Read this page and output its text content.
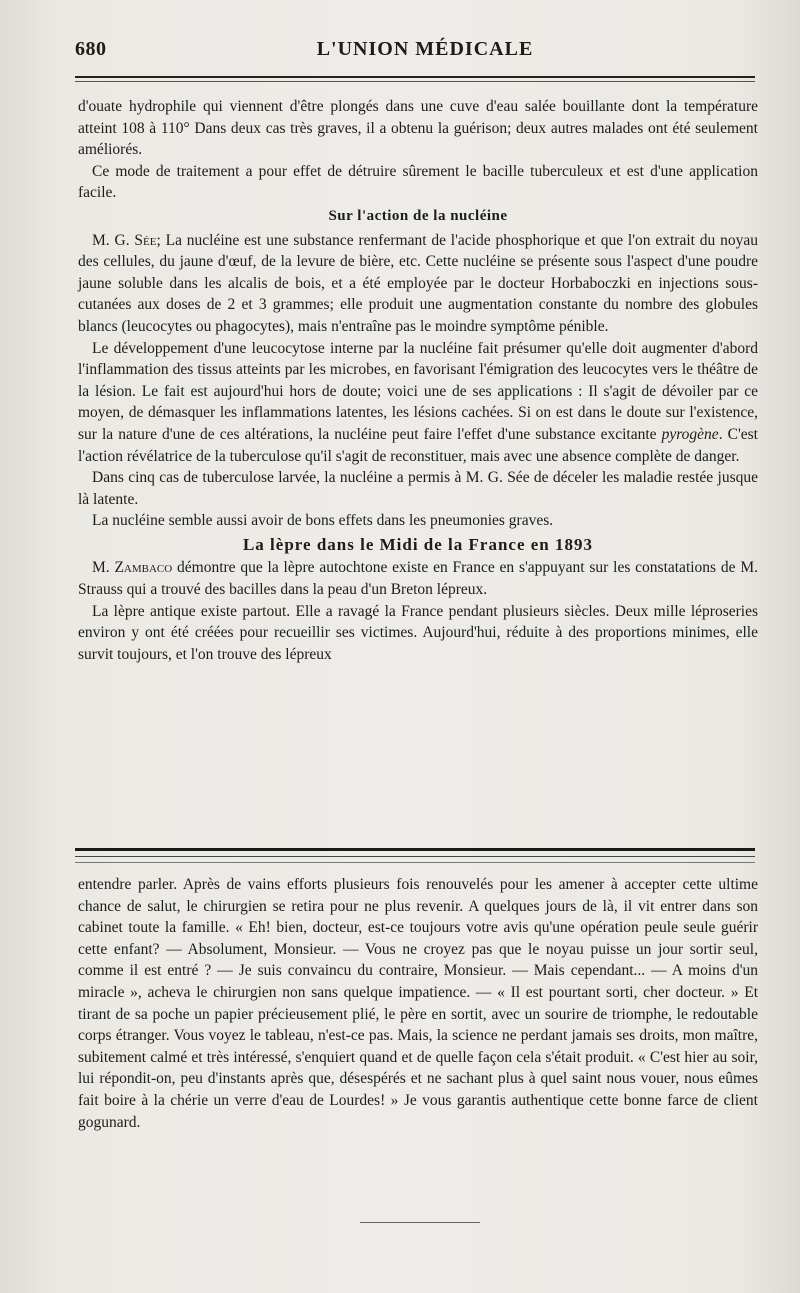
680	L'UNION MÉDICALE

d'ouate hydrophile qui viennent d'être plongés dans une cuve d'eau salée bouillante dont la température atteint 108 à 110° Dans deux cas très graves, il a obtenu la guérison; deux autres malades ont été seulement améliorés.

Ce mode de traitement a pour effet de détruire sûrement le bacille tuberculeux et est d'une application facile.

Sur l'action de la nucléine

M. G. Sée; La nucléine est une substance renfermant de l'acide phosphorique et que l'on extrait du noyau des cellules, du jaune d'œuf, de la levure de bière, etc. Cette nucléine se présente sous l'aspect d'une poudre jaune soluble dans les alcalis de bois, et a été employée par le docteur Horbaboczki en injections sous-cutanées aux doses de 2 et 3 grammes; elle produit une augmentation constante du nombre des globules blancs (leucocytes ou phagocytes), mais n'entraîne pas le moindre symptôme pénible.

Le développement d'une leucocytose interne par la nucléine fait présumer qu'elle doit augmenter d'abord l'inflammation des tissus atteints par les microbes, en favorisant l'émigration des leucocytes vers le théâtre de la lésion. Le fait est aujourd'hui hors de doute; voici une de ses applications : Il s'agit de dévoiler par ce moyen, de démasquer les inflammations latentes, les lésions cachées. Si on est dans le doute sur l'existence, sur la nature d'une de ces altérations, la nucléine peut faire l'effet d'une substance excitante pyrogène. C'est l'action révélatrice de la tuberculose qu'il s'agit de reconstituer, mais avec une absence complète de danger.

Dans cinq cas de tuberculose larvée, la nucléine a permis à M. G. Sée de déceler les maladie restée jusque là latente.

La nucléine semble aussi avoir de bons effets dans les pneumonies graves.

La lèpre dans le Midi de la France en 1893

M. Zambaco démontre que la lèpre autochtone existe en France en s'appuyant sur les constatations de M. Strauss qui a trouvé des bacilles dans la peau d'un Breton lépreux.

La lèpre antique existe partout. Elle a ravagé la France pendant plusieurs siècles. Deux mille léproseries environ y ont été créées pour recueillir ses victimes. Aujourd'hui, réduite à des proportions minimes, elle survit toujours, et l'on trouve des lépreux

entendre parler. Après de vains efforts plusieurs fois renouvelés pour les amener à accepter cette ultime chance de salut, le chirurgien se retira pour ne plus revenir. A quelques jours de là, il vit entrer dans son cabinet toute la famille. « Eh! bien, docteur, est-ce toujours votre avis qu'une opération peule seule guérir cette enfant? — Absolument, Monsieur. — Vous ne croyez pas que le noyau puisse un jour sortir seul, comme il est entré ? — Je suis convaincu du contraire, Monsieur. — Mais cependant... — A moins d'un miracle », acheva le chirurgien non sans quelque impatience. — « Il est pourtant sorti, cher docteur. » Et tirant de sa poche un papier précieusement plié, le père en sortit, avec un sourire de triomphe, le redoutable corps étranger. Vous voyez le tableau, n'est-ce pas. Mais, la science ne perdant jamais ses droits, mon maître, subitement calmé et très intéressé, s'enquiert quand et de quelle façon cela s'était produit. « C'est hier au soir, lui répondit-on, peu d'instants après que, désespérés et ne sachant plus à quel saint nous vouer, nous eûmes fait boire à la chérie un verre d'eau de Lourdes! » Je vous garantis authentique cette bonne farce de client gogunard.
